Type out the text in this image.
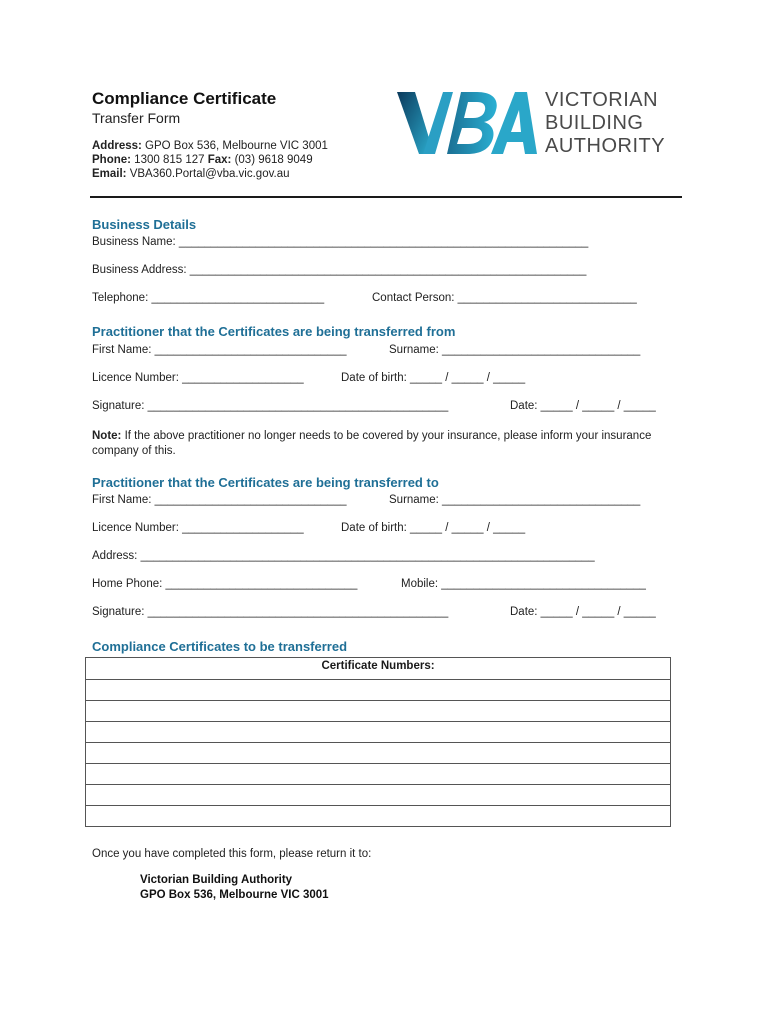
Compliance Certificate
Transfer Form
Address: GPO Box 536, Melbourne VIC 3001
Phone: 1300 815 127 Fax: (03) 9618 9049
Email: VBA360.Portal@vba.vic.gov.au
VICTORIAN
BUILDING
AUTHORITY
Business Details
Business Name: ________________________________________________________________
Business Address: ______________________________________________________________
Telephone: ___________________________	Contact Person: ____________________________
Practitioner that the Certificates are being transferred from
First Name: ______________________________	Surname: _______________________________
Licence Number: ___________________	Date of birth: _____ / _____ / _____
Signature: _______________________________________________	Date: _____ / _____ / _____
Note: If the above practitioner no longer needs to be covered by your insurance, please inform your insurance company of this.
Practitioner that the Certificates are being transferred to
First Name: ______________________________	Surname: _______________________________
Licence Number: ___________________	Date of birth: _____ / _____ / _____
Address: _______________________________________________________________________
Home Phone: ______________________________	Mobile: ________________________________
Signature: _______________________________________________	Date: _____ / _____ / _____
Compliance Certificates to be transferred
Certificate Numbers:

Once you have completed this form, please return it to:
Victorian Building Authority
GPO Box 536, Melbourne VIC 3001
